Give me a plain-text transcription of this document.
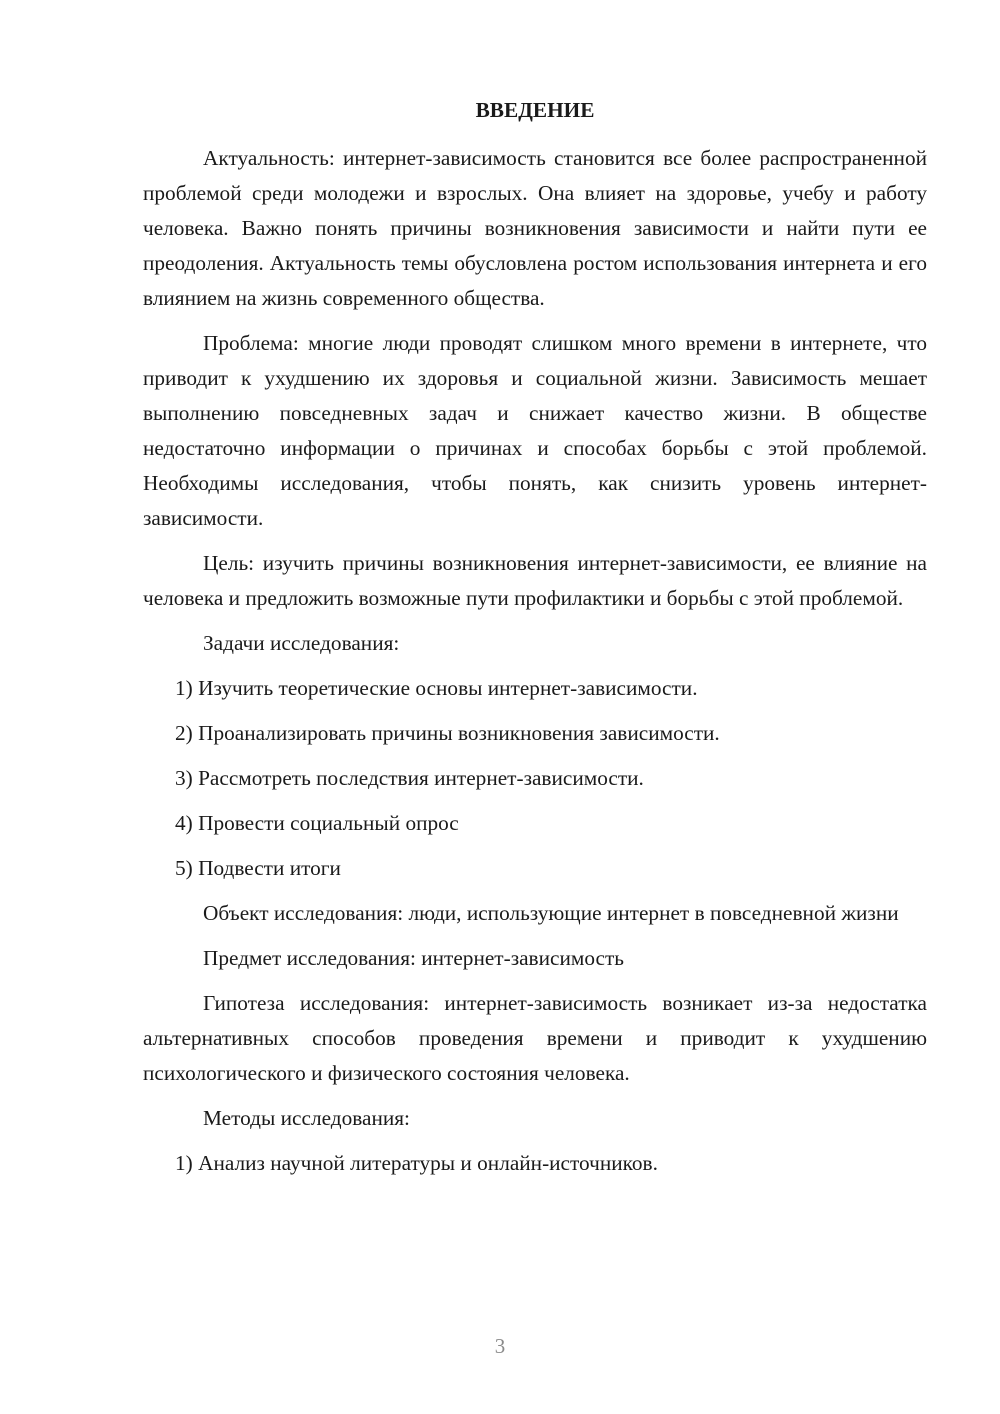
ВВЕДЕНИЕ

Актуальность: интернет-зависимость становится все более распространенной проблемой среди молодежи и взрослых. Она влияет на здоровье, учебу и работу человека. Важно понять причины возникновения зависимости и найти пути ее преодоления. Актуальность темы обусловлена ростом использования интернета и его влиянием на жизнь современного общества.

Проблема: многие люди проводят слишком много времени в интернете, что приводит к ухудшению их здоровья и социальной жизни. Зависимость мешает выполнению повседневных задач и снижает качество жизни. В обществе недостаточно информации о причинах и способах борьбы с этой проблемой. Необходимы исследования, чтобы понять, как снизить уровень интернет-зависимости.

Цель: изучить причины возникновения интернет-зависимости, ее влияние на человека и предложить возможные пути профилактики и борьбы с этой проблемой.

Задачи исследования:
1) Изучить теоретические основы интернет-зависимости.
2) Проанализировать причины возникновения зависимости.
3) Рассмотреть последствия интернет-зависимости.
4) Провести социальный опрос
5) Подвести итоги

Объект исследования: люди, использующие интернет в повседневной жизни

Предмет исследования: интернет-зависимость

Гипотеза исследования: интернет-зависимость возникает из-за недостатка альтернативных способов проведения времени и приводит к ухудшению психологического и физического состояния человека.

Методы исследования:
1) Анализ научной литературы и онлайн-источников.
3
